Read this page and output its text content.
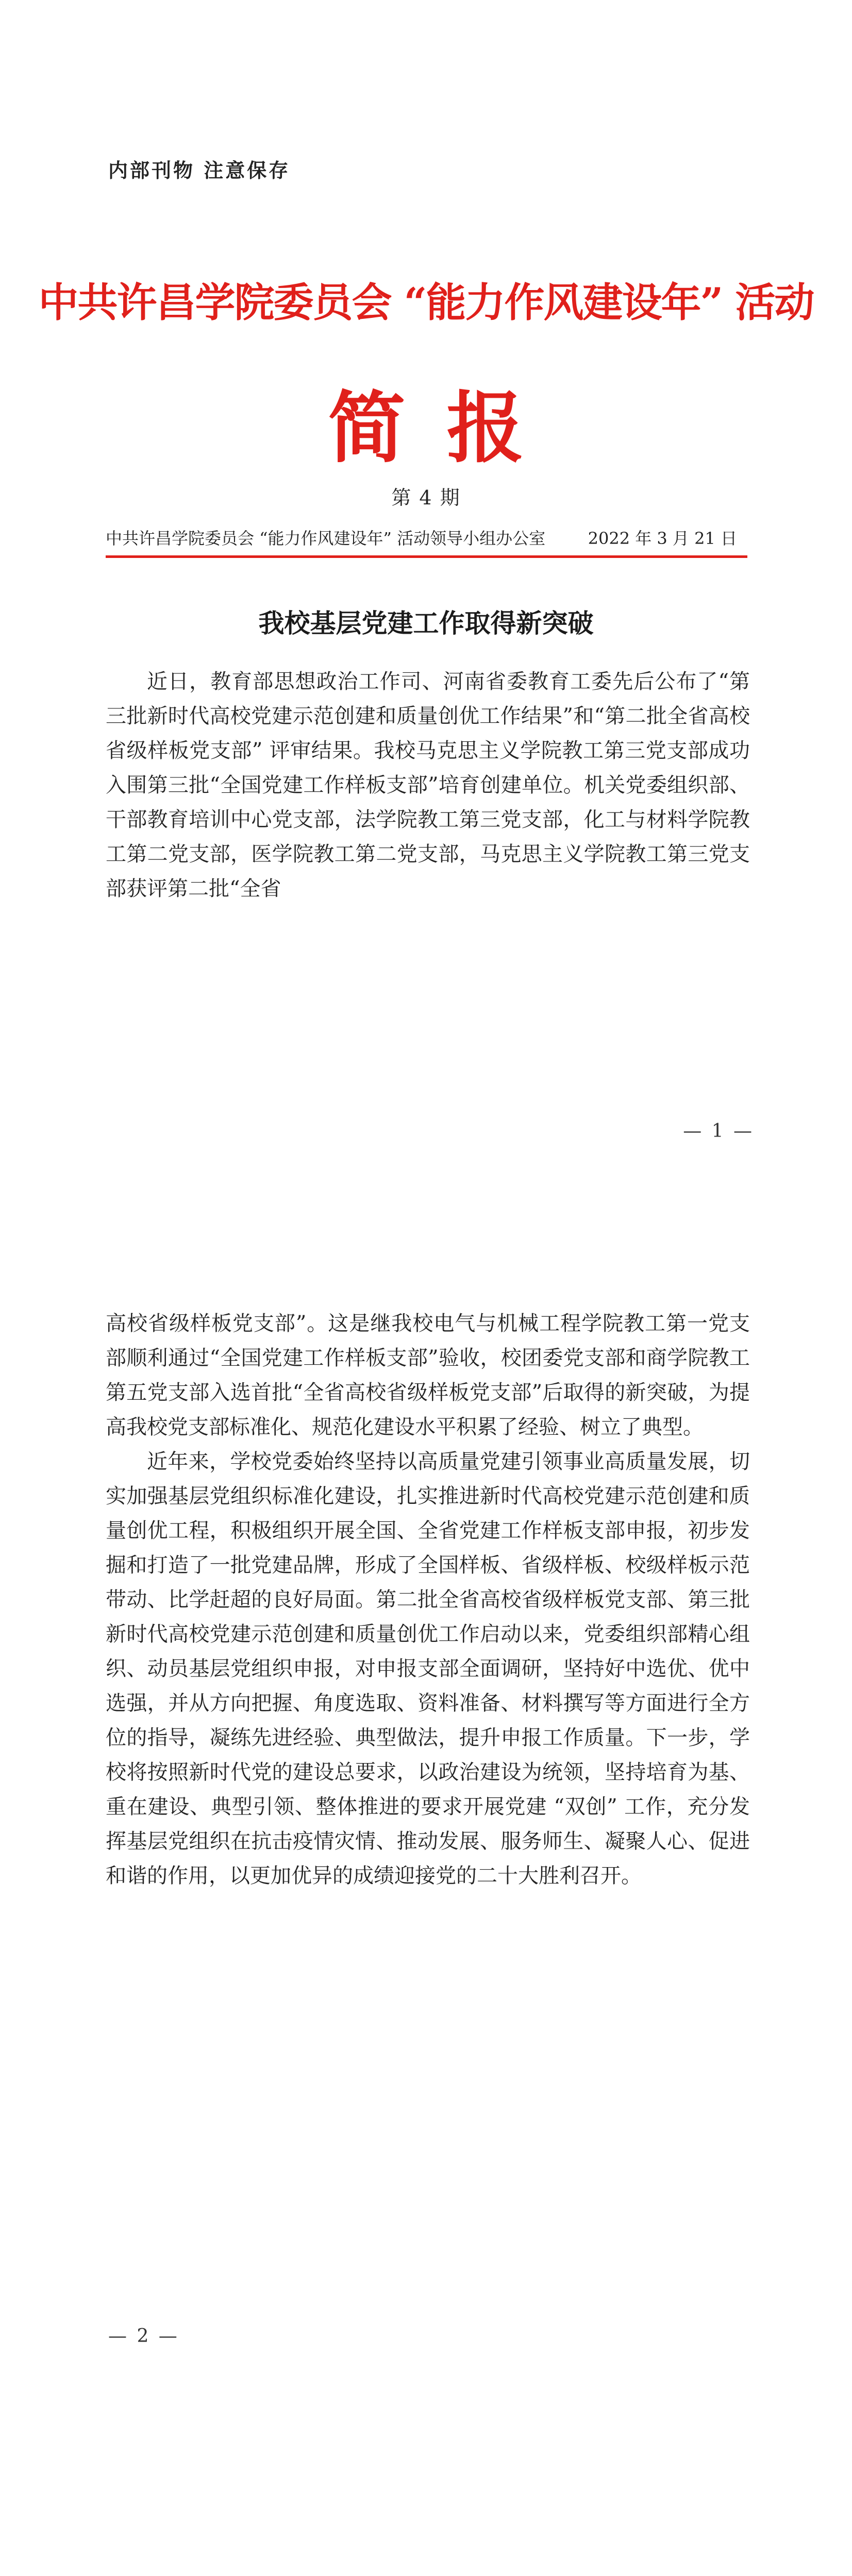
内部刊物 注意保存
中共许昌学院委员会 “能力作风建设年” 活动
简报
第 4 期
中共许昌学院委员会 “能力作风建设年” 活动领导小组办公室	2022 年 3 月 21 日
我校基层党建工作取得新突破

近日，教育部思想政治工作司、河南省委教育工委先后公布了“第三批新时代高校党建示范创建和质量创优工作结果”和“第二批全省高校省级样板党支部” 评审结果。我校马克思主义学院教工第三党支部成功入围第三批“全国党建工作样板支部”培育创建单位。机关党委组织部、干部教育培训中心党支部，法学院教工第三党支部，化工与材料学院教工第二党支部，医学院教工第二党支部，马克思主义学院教工第三党支部获评第二批“全省

— 1 —

高校省级样板党支部”。这是继我校电气与机械工程学院教工第一党支部顺利通过“全国党建工作样板支部”验收，校团委党支部和商学院教工第五党支部入选首批“全省高校省级样板党支部”后取得的新突破，为提高我校党支部标准化、规范化建设水平积累了经验、树立了典型。

近年来，学校党委始终坚持以高质量党建引领事业高质量发展，切实加强基层党组织标准化建设，扎实推进新时代高校党建示范创建和质量创优工程，积极组织开展全国、全省党建工作样板支部申报，初步发掘和打造了一批党建品牌，形成了全国样板、省级样板、校级样板示范带动、比学赶超的良好局面。第二批全省高校省级样板党支部、第三批新时代高校党建示范创建和质量创优工作启动以来，党委组织部精心组织、动员基层党组织申报，对申报支部全面调研，坚持好中选优、优中选强，并从方向把握、角度选取、资料准备、材料撰写等方面进行全方位的指导，凝练先进经验、典型做法，提升申报工作质量。下一步，学校将按照新时代党的建设总要求，以政治建设为统领，坚持培育为基、重在建设、典型引领、整体推进的要求开展党建 “双创” 工作，充分发挥基层党组织在抗击疫情灾情、推动发展、服务师生、凝聚人心、促进和谐的作用，以更加优异的成绩迎接党的二十大胜利召开。

— 2 —
